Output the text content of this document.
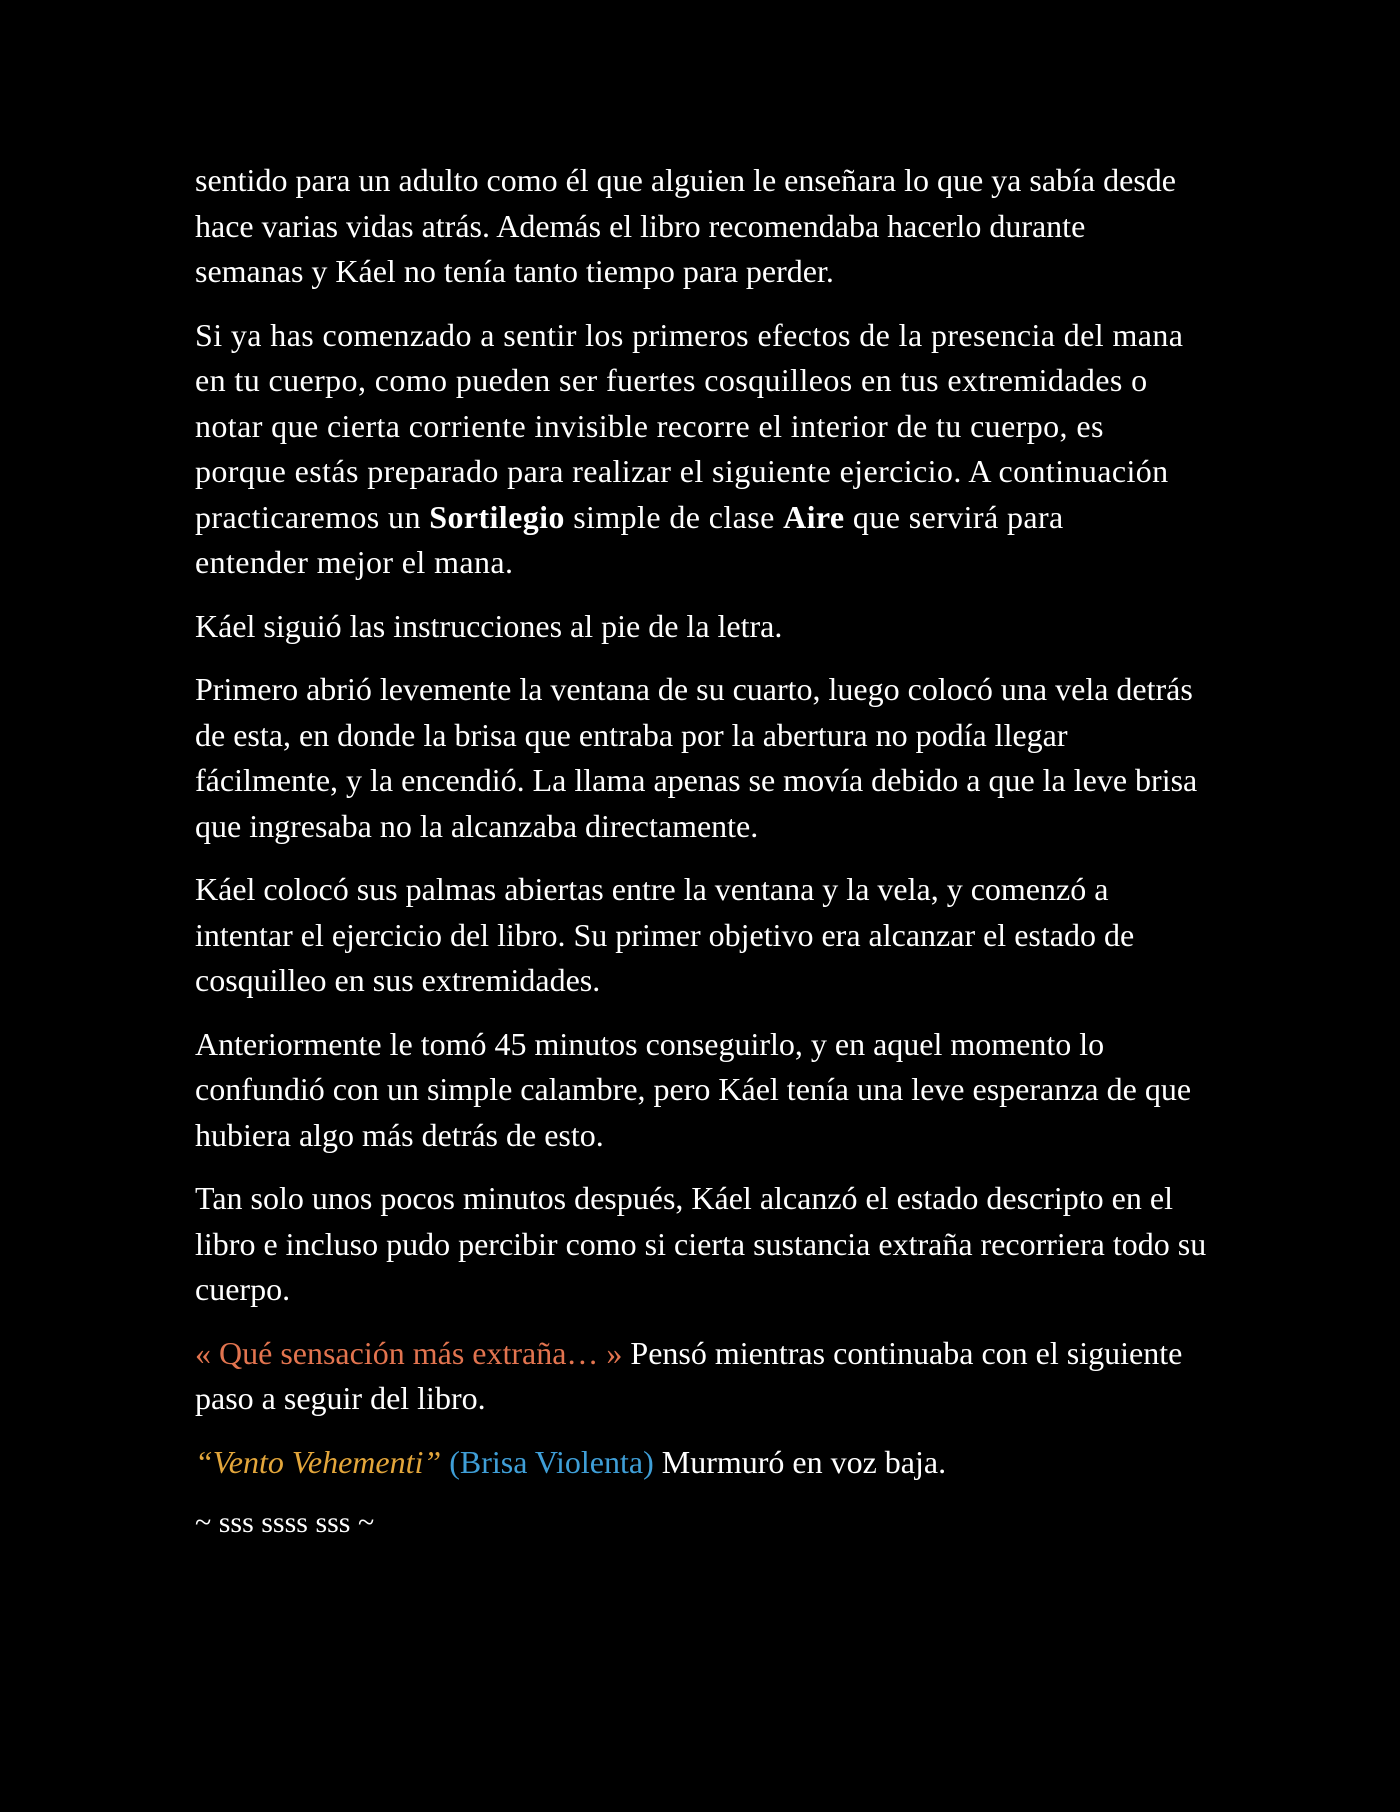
sentido para un adulto como él que alguien le enseñara lo que ya sabía desde hace varias vidas atrás. Además el libro recomendaba hacerlo durante semanas y Káel no tenía tanto tiempo para perder.

Si ya has comenzado a sentir los primeros efectos de la presencia del mana en tu cuerpo, como pueden ser fuertes cosquilleos en tus extremidades o notar que cierta corriente invisible recorre el interior de tu cuerpo, es porque estás preparado para realizar el siguiente ejercicio. A continuación practicaremos un Sortilegio simple de clase Aire que servirá para entender mejor el mana.

Káel siguió las instrucciones al pie de la letra.

Primero abrió levemente la ventana de su cuarto, luego colocó una vela detrás de esta, en donde la brisa que entraba por la abertura no podía llegar fácilmente, y la encendió. La llama apenas se movía debido a que la leve brisa que ingresaba no la alcanzaba directamente.

Káel colocó sus palmas abiertas entre la ventana y la vela, y comenzó a intentar el ejercicio del libro. Su primer objetivo era alcanzar el estado de cosquilleo en sus extremidades.

Anteriormente le tomó 45 minutos conseguirlo, y en aquel momento lo confundió con un simple calambre, pero Káel tenía una leve esperanza de que hubiera algo más detrás de esto.

Tan solo unos pocos minutos después, Káel alcanzó el estado descripto en el libro e incluso pudo percibir como si cierta sustancia extraña recorriera todo su cuerpo.

« Qué sensación más extraña… » Pensó mientras continuaba con el siguiente paso a seguir del libro.

“Vento Vehementi” (Brisa Violenta) Murmuró en voz baja.

~ sss ssss sss ~
